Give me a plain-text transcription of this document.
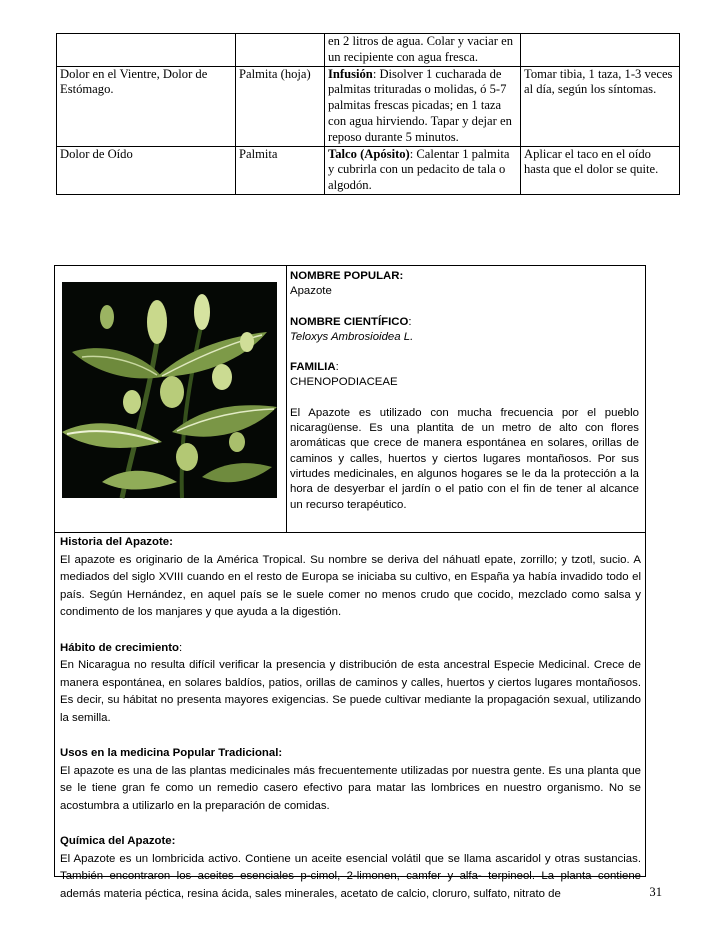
		en 2 litros de agua. Colar y vaciar en un recipiente con agua fresca.	
Dolor en el Vientre, Dolor de Estómago.	Palmita (hoja)	Infusión: Disolver 1 cucharada de palmitas trituradas o molidas, ó 5-7 palmitas frescas picadas; en 1 taza con agua hirviendo. Tapar y dejar en reposo durante 5 minutos.	Tomar tibia, 1 taza, 1-3 veces al día, según los síntomas.
Dolor de Oído	Palmita	Talco (Apósito): Calentar 1 palmita y cubrirla con un pedacito de tala o algodón.	Aplicar el taco en el oído hasta que el dolor se quite.
NOMBRE POPULAR:
Apazote
NOMBRE CIENTÍFICO:
Teloxys Ambrosioidea L.
FAMILIA:
CHENOPODIACEAE
El Apazote es utilizado con mucha frecuencia por el pueblo nicaragüense. Es una plantita de un metro de alto con flores aromáticas que crece de manera espontánea en solares, orillas de caminos y calles, huertos y ciertos lugares montañosos. Por sus virtudes medicinales, en algunos hogares se le da la protección a la hora de desyerbar el jardín o el patio con el fin de tener al alcance un recurso terapéutico.
Historia del Apazote:
El apazote es originario de la América Tropical. Su nombre se deriva del náhuatl epate, zorrillo; y tzotl, sucio. A mediados del siglo XVIII cuando en el resto de Europa se iniciaba su cultivo, en España ya había invadido todo el país. Según Hernández, en aquel país se le suele comer no menos crudo que cocido, mezclado como salsa y condimento de los manjares y que ayuda a la digestión.
Hábito de crecimiento:
En Nicaragua no resulta difícil verificar la presencia y distribución de esta ancestral Especie Medicinal. Crece de manera espontánea, en solares baldíos, patios, orillas de caminos y calles, huertos y ciertos lugares montañosos. Es decir, su hábitat no presenta mayores exigencias. Se puede cultivar mediante la propagación sexual, utilizando la semilla.
Usos en la medicina Popular Tradicional:
El apazote es una de las plantas medicinales más frecuentemente utilizadas por nuestra gente. Es una planta que se le tiene gran fe como un remedio casero efectivo para matar las lombrices en nuestro organismo. No se acostumbra a utilizarlo en la preparación de comidas.
Química del Apazote:
El Apazote es un lombricida activo. Contiene un aceite esencial volátil que se llama ascaridol y otras sustancias. También encontraron los aceites esenciales p-cimol, 2-limonen, camfer y alfa- terpineol. La planta contiene además materia péctica, resina ácida, sales minerales, acetato de calcio, cloruro, sulfato, nitrato de	31
